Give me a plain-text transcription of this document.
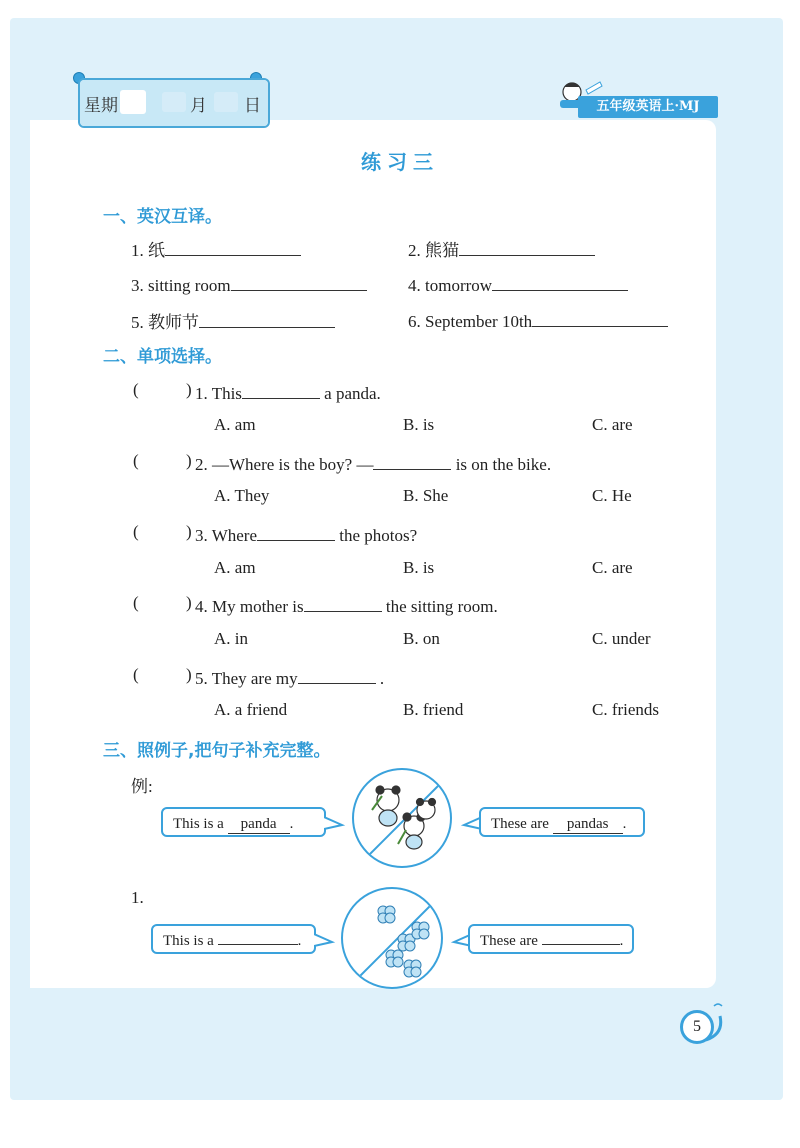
星期	月 日	五年级英语上·MJ
练习三
一、英汉互译。
1. 纸	2. 熊猫
3. sitting room	4. tomorrow
5. 教师节	6. September 10th
二、单项选择。
(	) 1. This	a panda.
A. am	B. is	C. are
(	) 2. —Where is the boy? —	is on the bike.
A. They	B. She	C. He
(	) 3. Where	the photos?
A. am	B. is	C. are
(	) 4. My mother is	the sitting room.
A. in	B. on	C. under
(	) 5. They are my	.
A. a friend	B. friend	C. friends
三、照例子,把句子补充完整。
例:
This is a panda .	These are pandas .
1.
This is a	.	These are	.
5
